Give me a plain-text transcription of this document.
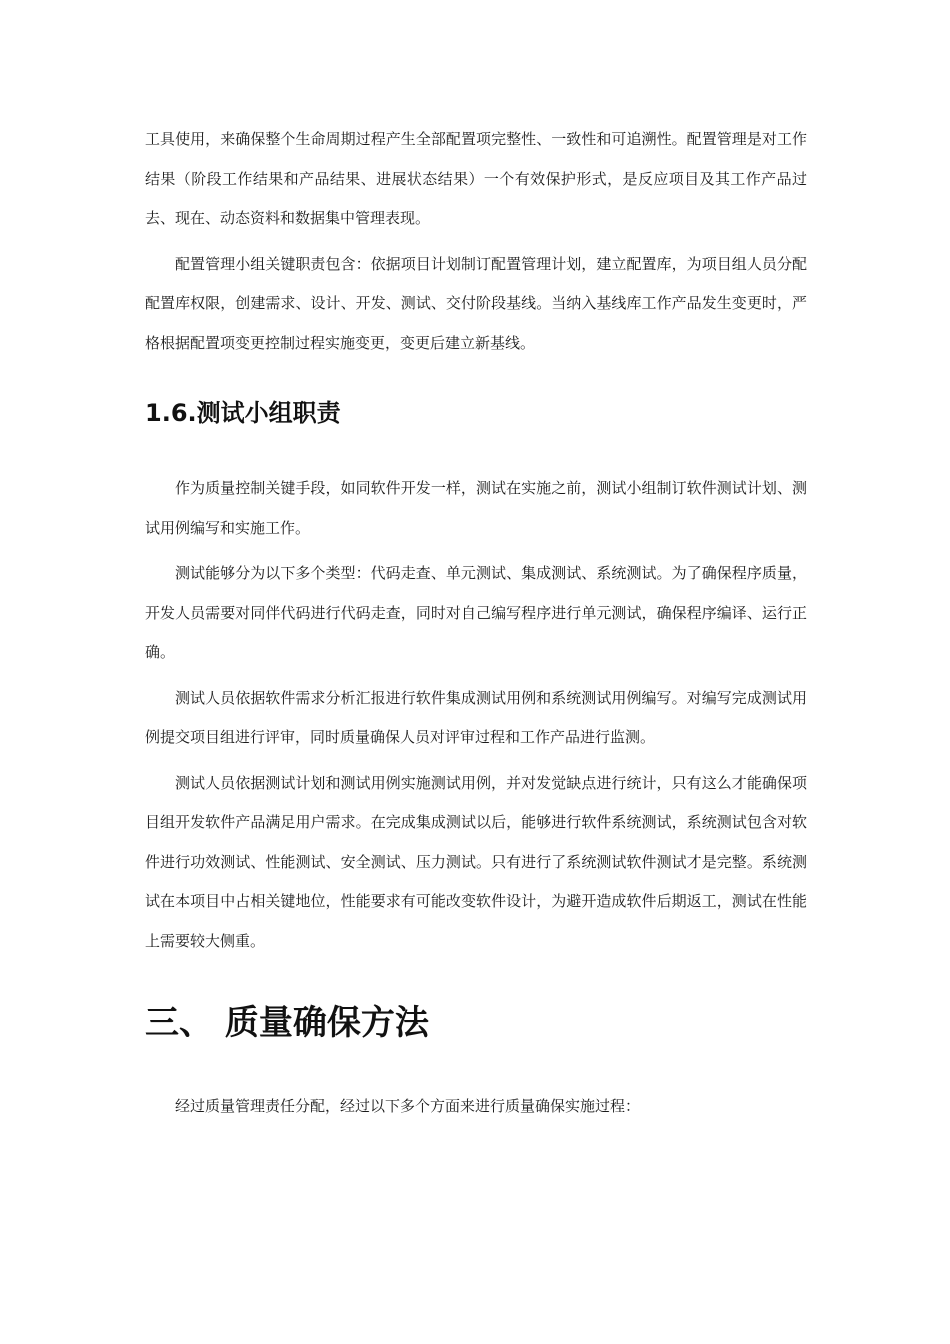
工具使用，来确保整个生命周期过程产生全部配置项完整性、一致性和可追溯性。配置管理是对工作结果（阶段工作结果和产品结果、进展状态结果）一个有效保护形式，是反应项目及其工作产品过去、现在、动态资料和数据集中管理表现。

配置管理小组关键职责包含：依据项目计划制订配置管理计划，建立配置库，为项目组人员分配配置库权限，创建需求、设计、开发、测试、交付阶段基线。当纳入基线库工作产品发生变更时，严格根据配置项变更控制过程实施变更，变更后建立新基线。

1.6.测试小组职责

作为质量控制关键手段，如同软件开发一样，测试在实施之前，测试小组制订软件测试计划、测试用例编写和实施工作。

测试能够分为以下多个类型：代码走查、单元测试、集成测试、系统测试。为了确保程序质量，开发人员需要对同伴代码进行代码走查，同时对自己编写程序进行单元测试，确保程序编译、运行正确。

测试人员依据软件需求分析汇报进行软件集成测试用例和系统测试用例编写。对编写完成测试用例提交项目组进行评审，同时质量确保人员对评审过程和工作产品进行监测。

测试人员依据测试计划和测试用例实施测试用例，并对发觉缺点进行统计，只有这么才能确保项目组开发软件产品满足用户需求。在完成集成测试以后，能够进行软件系统测试，系统测试包含对软件进行功效测试、性能测试、安全测试、压力测试。只有进行了系统测试软件测试才是完整。系统测试在本项目中占相关键地位，性能要求有可能改变软件设计，为避开造成软件后期返工，测试在性能上需要较大侧重。

三、 质量确保方法

经过质量管理责任分配，经过以下多个方面来进行质量确保实施过程：
